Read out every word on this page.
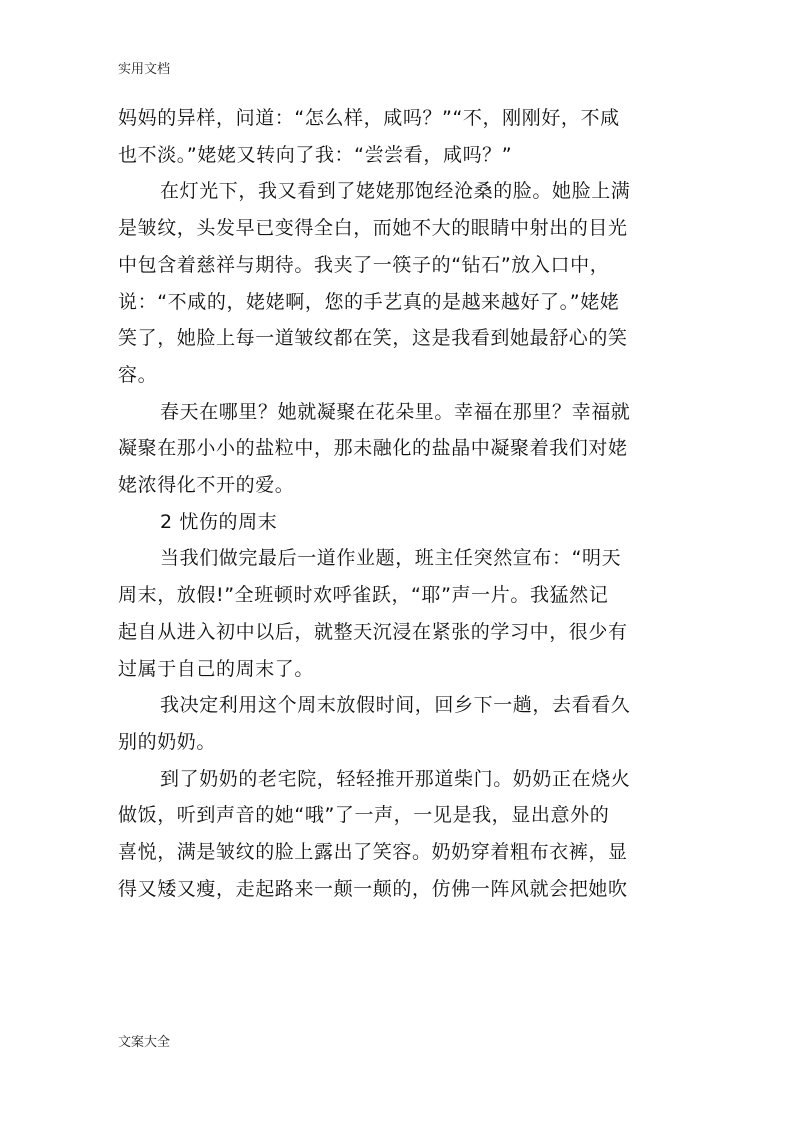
实用文档

妈妈的异样，问道：“怎么样，咸吗？”“不，刚刚好，不咸

也不淡。”姥姥又转向了我：“尝尝看，咸吗？”

在灯光下，我又看到了姥姥那饱经沧桑的脸。她脸上满

是皱纹，头发早已变得全白，而她不大的眼睛中射出的目光

中包含着慈祥与期待。我夹了一筷子的“钻石”放入口中，

说：“不咸的，姥姥啊，您的手艺真的是越来越好了。”姥姥

笑了，她脸上每一道皱纹都在笑，这是我看到她最舒心的笑

容。

春天在哪里？她就凝聚在花朵里。幸福在那里？幸福就

凝聚在那小小的盐粒中，那未融化的盐晶中凝聚着我们对姥

姥浓得化不开的爱。

2 忧伤的周末

当我们做完最后一道作业题，班主任突然宣布：“明天

周末，放假!”全班顿时欢呼雀跃，“耶”声一片。我猛然记

起自从进入初中以后，就整天沉浸在紧张的学习中，很少有

过属于自己的周末了。

我决定利用这个周末放假时间，回乡下一趟，去看看久

别的奶奶。

到了奶奶的老宅院，轻轻推开那道柴门。奶奶正在烧火

做饭，听到声音的她“哦”了一声，一见是我，显出意外的

喜悦，满是皱纹的脸上露出了笑容。奶奶穿着粗布衣裤，显

得又矮又瘦，走起路来一颠一颠的，仿佛一阵风就会把她吹

文案大全
